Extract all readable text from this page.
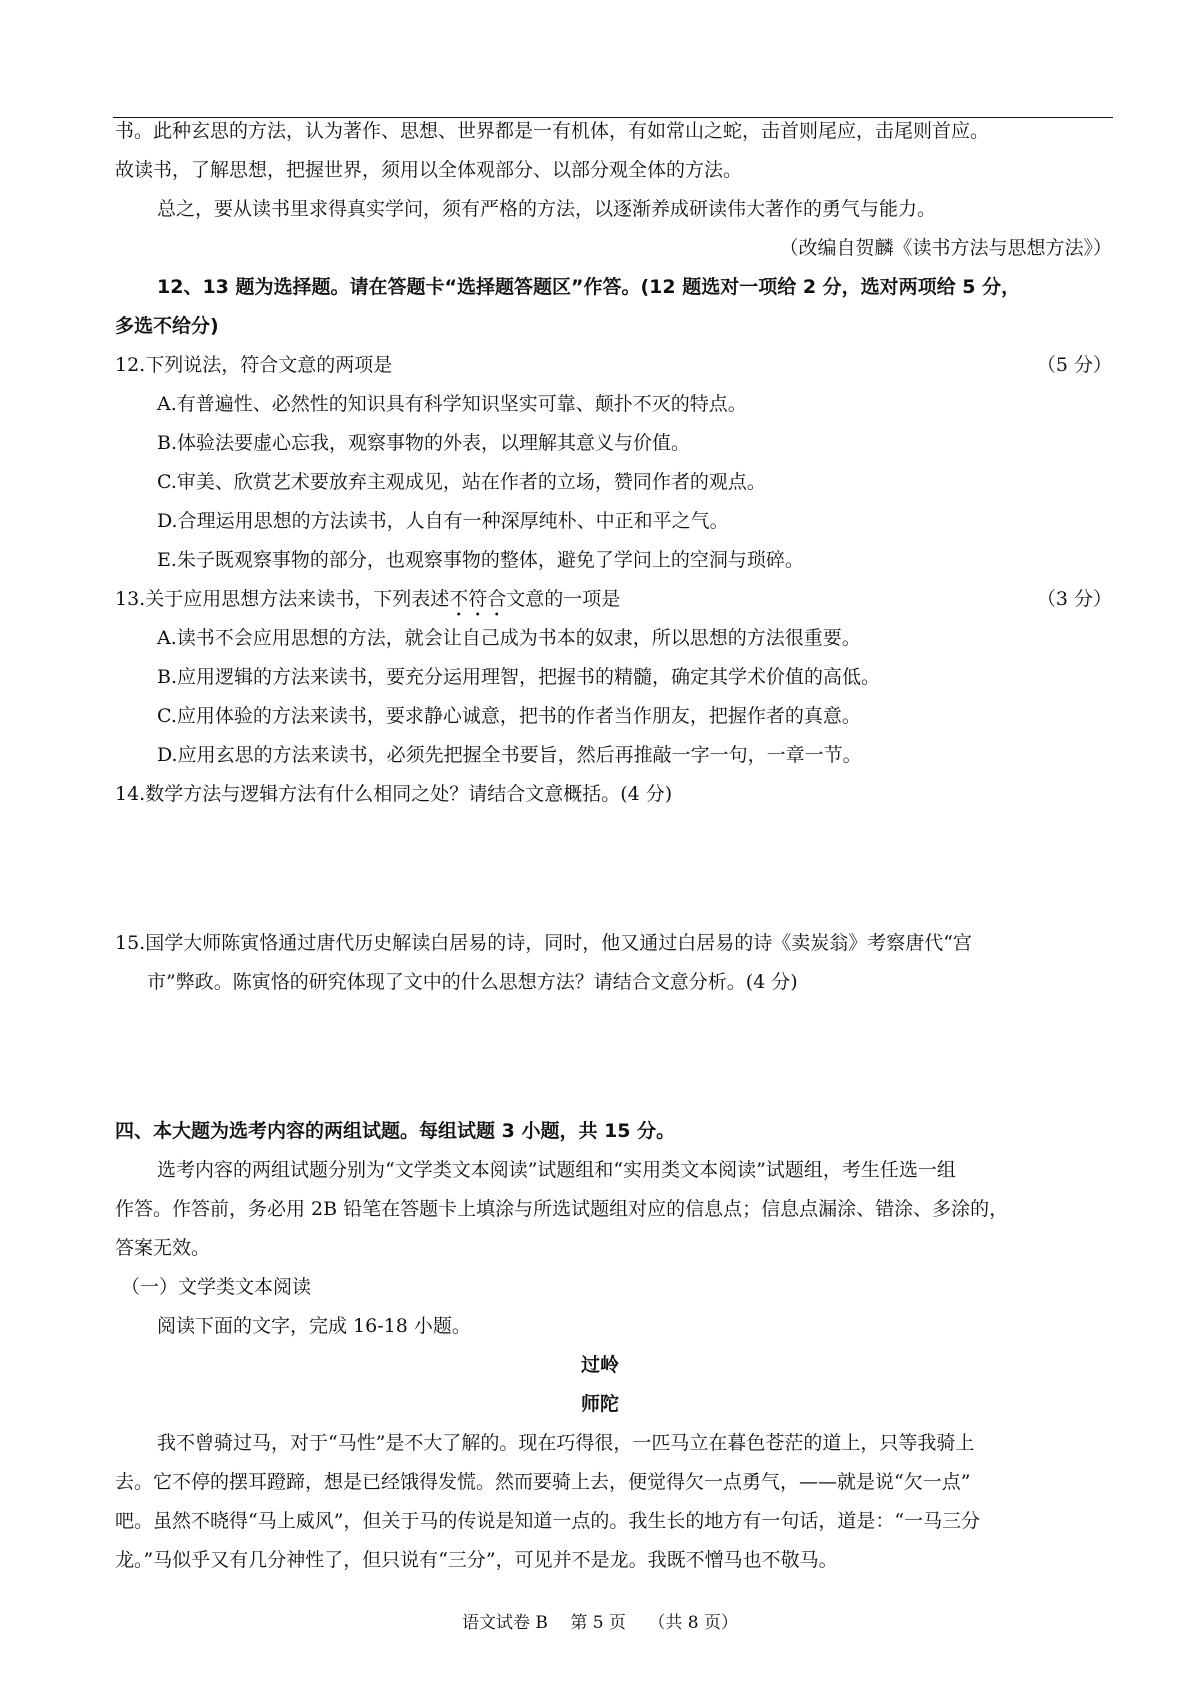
书。此种玄思的方法，认为著作、思想、世界都是一有机体，有如常山之蛇，击首则尾应，击尾则首应。
故读书，了解思想，把握世界，须用以全体观部分、以部分观全体的方法。
总之，要从读书里求得真实学问，须有严格的方法，以逐渐养成研读伟大著作的勇气与能力。
（改编自贺麟《读书方法与思想方法》）
12、13 题为选择题。请在答题卡“选择题答题区”作答。(12 题选对一项给 2 分，选对两项给 5 分，
多选不给分)
12.下列说法，符合文意的两项是	（5 分）
A.有普遍性、必然性的知识具有科学知识坚实可靠、颠扑不灭的特点。
B.体验法要虚心忘我，观察事物的外表，以理解其意义与价值。
C.审美、欣赏艺术要放弃主观成见，站在作者的立场，赞同作者的观点。
D.合理运用思想的方法读书，人自有一种深厚纯朴、中正和平之气。
E.朱子既观察事物的部分，也观察事物的整体，避免了学问上的空洞与琐碎。
13.关于应用思想方法来读书，下列表述不符合文意的一项是	（3 分）
A.读书不会应用思想的方法，就会让自己成为书本的奴隶，所以思想的方法很重要。
B.应用逻辑的方法来读书，要充分运用理智，把握书的精髓，确定其学术价值的高低。
C.应用体验的方法来读书，要求静心诚意，把书的作者当作朋友，把握作者的真意。
D.应用玄思的方法来读书，必须先把握全书要旨，然后再推敲一字一句，一章一节。
14.数学方法与逻辑方法有什么相同之处？请结合文意概括。(4 分)
15.国学大师陈寅恪通过唐代历史解读白居易的诗，同时，他又通过白居易的诗《卖炭翁》考察唐代“宫
市”弊政。陈寅恪的研究体现了文中的什么思想方法？请结合文意分析。(4 分)
四、本大题为选考内容的两组试题。每组试题 3 小题，共 15 分。
选考内容的两组试题分别为“文学类文本阅读”试题组和“实用类文本阅读”试题组，考生任选一组
作答。作答前，务必用 2B 铅笔在答题卡上填涂与所选试题组对应的信息点；信息点漏涂、错涂、多涂的，
答案无效。
（一）文学类文本阅读
阅读下面的文字，完成 16-18 小题。
过岭
师陀
我不曾骑过马，对于“马性”是不大了解的。现在巧得很，一匹马立在暮色苍茫的道上，只等我骑上
去。它不停的摆耳蹬蹄，想是已经饿得发慌。然而要骑上去，便觉得欠一点勇气，——就是说“欠一点”
吧。虽然不晓得“马上威风”，但关于马的传说是知道一点的。我生长的地方有一句话，道是：“一马三分
龙。”马似乎又有几分神性了，但只说有“三分”，可见并不是龙。我既不憎马也不敬马。
语文试卷 B　 第 5 页　 （共 8 页）
